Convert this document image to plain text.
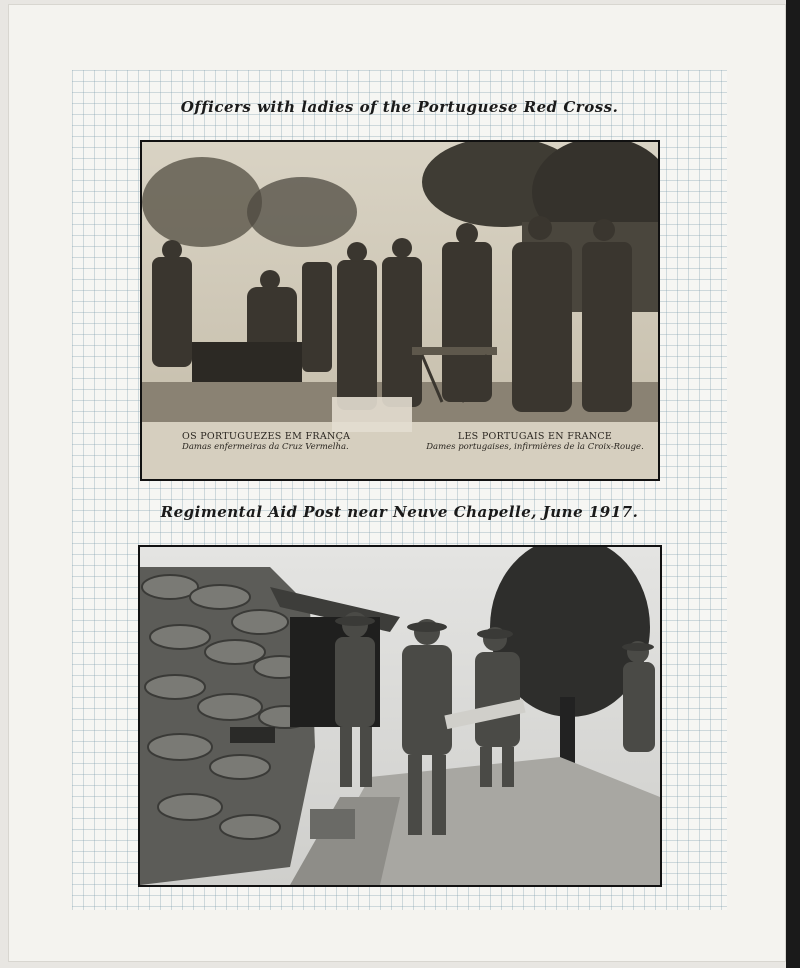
Officers with ladies of the Portuguese Red Cross.
OS PORTUGUEZES EM FRANÇA
Damas enfermeiras da Cruz Vermelha.
LES PORTUGAIS EN FRANCE
Dames portugaises, infirmières de la Croix-Rouge.
Regimental Aid Post near Neuve Chapelle, June 1917.
